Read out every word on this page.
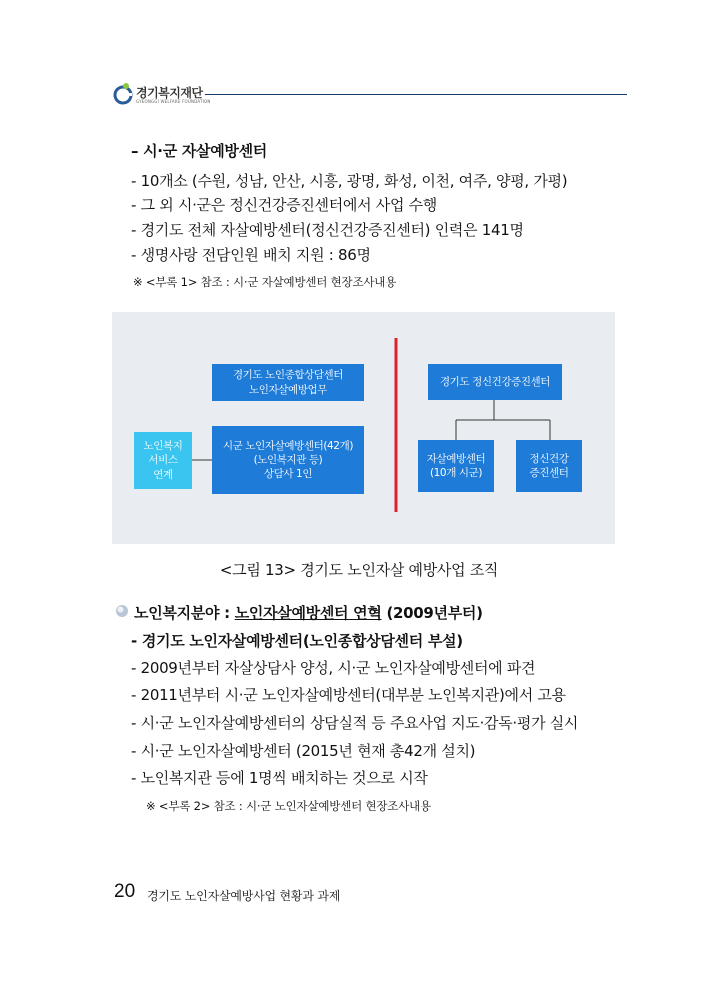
경기복지재단
GYEONGGI WELFARE FOUNDATION
– 시·군 자살예방센터
- 10개소 (수원, 성남, 안산, 시흥, 광명, 화성, 이천, 여주, 양평, 가평)
- 그 외 시·군은 정신건강증진센터에서 사업 수행
- 경기도 전체 자살예방센터(정신건강증진센터) 인력은 141명
- 생명사랑 전담인원 배치 지원 : 86명
※ <부록 1> 참조 : 시·군 자살예방센터 현장조사내용
경기도 노인종합상담센터
노인자살예방업무
시군 노인자살예방센터(42개)
(노인복지관 등)
상담사 1인
노인복지
서비스
연계
경기도 정신건강증진센터
자살예방센터
(10개 시군)
정신건강
증진센터
<그림 13> 경기도 노인자살 예방사업 조직
노인복지분야 : 노인자살예방센터 연혁 (2009년부터)
- 경기도 노인자살예방센터(노인종합상담센터 부설)
- 2009년부터 자살상담사 양성, 시·군 노인자살예방센터에 파견
- 2011년부터 시·군 노인자살예방센터(대부분 노인복지관)에서 고용
- 시·군 노인자살예방센터의 상담실적 등 주요사업 지도·감독·평가 실시
- 시·군 노인자살예방센터 (2015년 현재 총42개 설치)
- 노인복지관 등에 1명씩 배치하는 것으로 시작
※ <부록 2> 참조 : 시·군 노인자살예방센터 현장조사내용
20 경기도 노인자살예방사업 현황과 과제
